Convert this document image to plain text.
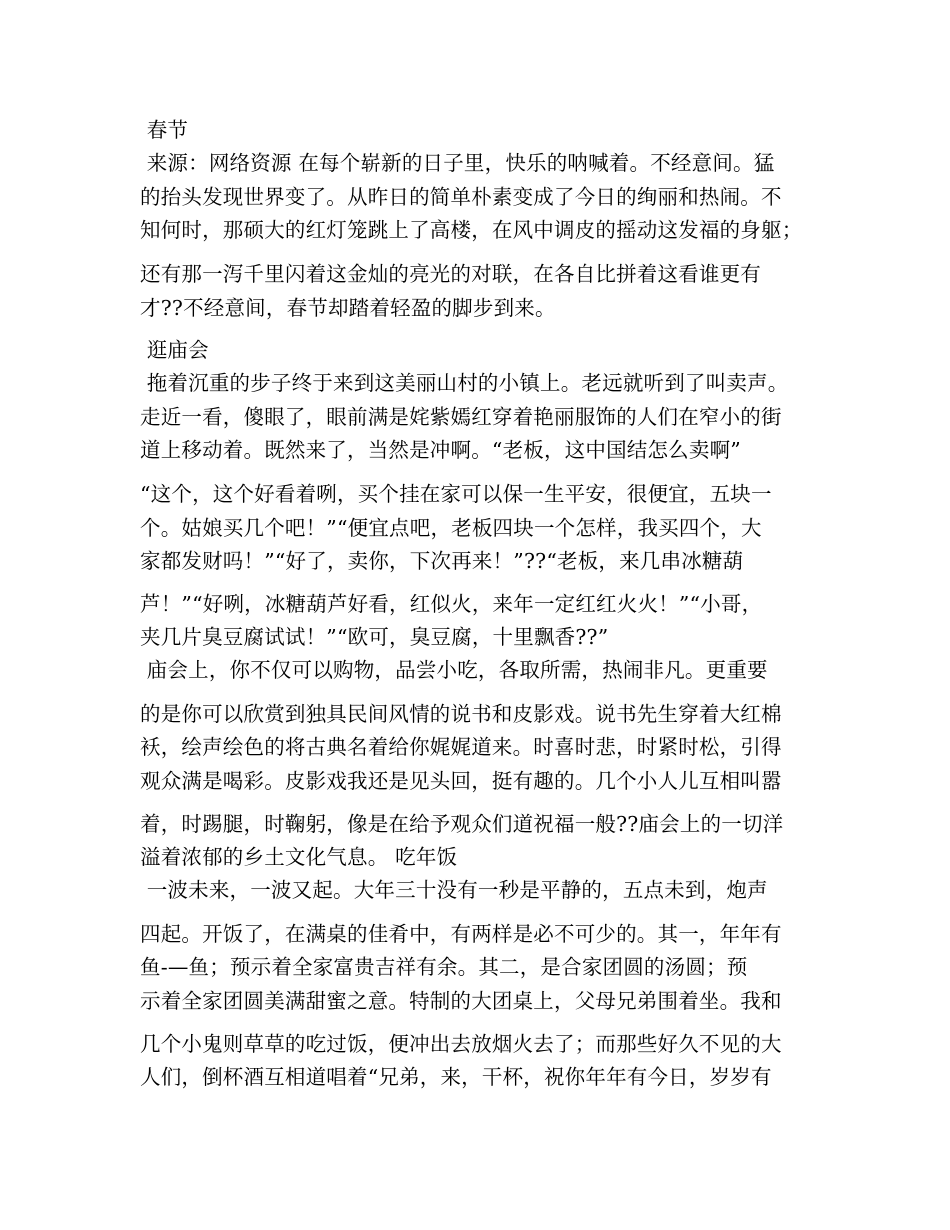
春节
来源：网络资源 在每个崭新的日子里，快乐的呐喊着。不经意间。猛
的抬头发现世界变了。从昨日的简单朴素变成了今日的绚丽和热闹。不
知何时，那硕大的红灯笼跳上了高楼，在风中调皮的摇动这发福的身躯；
还有那一泻千里闪着这金灿的亮光的对联，在各自比拼着这看谁更有
才??不经意间，春节却踏着轻盈的脚步到来。
逛庙会
拖着沉重的步子终于来到这美丽山村的小镇上。老远就听到了叫卖声。
走近一看，傻眼了，眼前满是姹紫嫣红穿着艳丽服饰的人们在窄小的街
道上移动着。既然来了，当然是冲啊。“老板，这中国结怎么卖啊”
“这个，这个好看着咧，买个挂在家可以保一生平安，很便宜，五块一
个。姑娘买几个吧！”“便宜点吧，老板四块一个怎样，我买四个，大
家都发财吗！”“好了，卖你，下次再来！”??“老板，来几串冰糖葫
芦！”“好咧，冰糖葫芦好看，红似火，来年一定红红火火！”“小哥，
夹几片臭豆腐试试！”“欧可，臭豆腐，十里飘香??”
庙会上，你不仅可以购物，品尝小吃，各取所需，热闹非凡。更重要
的是你可以欣赏到独具民间风情的说书和皮影戏。说书先生穿着大红棉
袄，绘声绘色的将古典名着给你娓娓道来。时喜时悲，时紧时松，引得
观众满是喝彩。皮影戏我还是见头回，挺有趣的。几个小人儿互相叫嚣
着，时踢腿，时鞠躬，像是在给予观众们道祝福一般??庙会上的一切洋
溢着浓郁的乡土文化气息。 吃年饭
一波未来，一波又起。大年三十没有一秒是平静的，五点未到，炮声
四起。开饭了，在满桌的佳肴中，有两样是必不可少的。其一，年年有
鱼-—鱼；预示着全家富贵吉祥有余。其二，是合家团圆的汤圆；预
示着全家团圆美满甜蜜之意。特制的大团桌上，父母兄弟围着坐。我和
几个小鬼则草草的吃过饭，便冲出去放烟火去了；而那些好久不见的大
人们，倒杯酒互相道唱着“兄弟，来，干杯，祝你年年有今日，岁岁有
